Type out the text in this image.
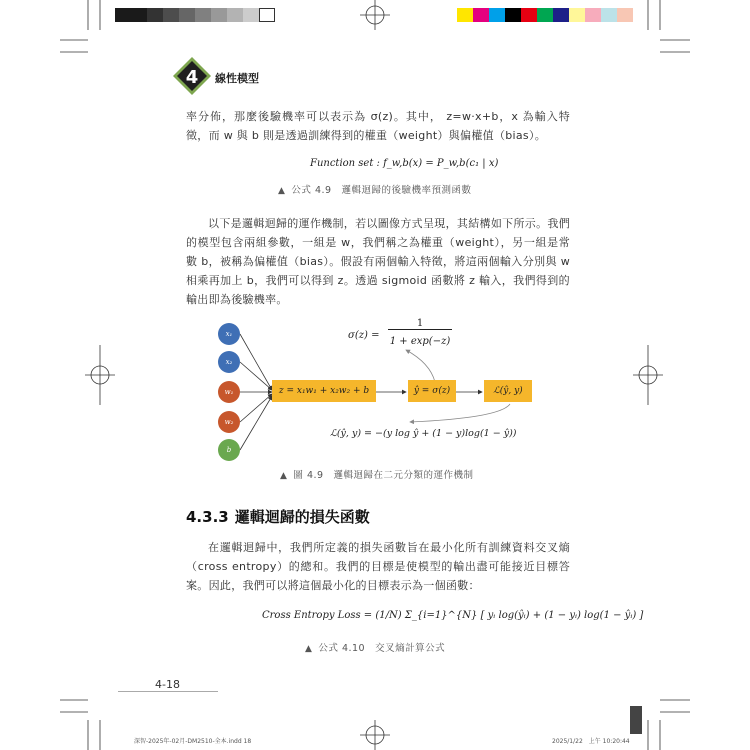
4 線性模型
率分佈，那麼後驗機率可以表示為 σ(z)。其中， z=w·x+b，x 為輸入特徵，而 w 與 b 則是透過訓練得到的權重（weight）與偏權值（bias）。
Function set : f_w,b(x) = P_w,b(c₁ | x)
▲ 公式 4.9　邏輯迴歸的後驗機率預測函數
以下是邏輯迴歸的運作機制，若以圖像方式呈現，其結構如下所示。我們的模型包含兩組參數，一組是 w，我們稱之為權重（weight），另一組是常數 b，被稱為偏權值（bias）。假設有兩個輸入特徵，將這兩個輸入分別與 w 相乘再加上 b，我們可以得到 z。透過 sigmoid 函數將 z 輸入，我們得到的輸出即為後驗機率。
x₁
x₂
w₁
w₂
b
z = x₁w₁ + x₂w₂ + b	ŷ = σ(z)	ℒ(ŷ, y)
σ(z) =
1
1 + exp(−z)
ℒ(ŷ, y) = −(y log ŷ + (1 − y)log(1 − ŷ))
▲ 圖 4.9　邏輯迴歸在二元分類的運作機制
4.3.3 邏輯迴歸的損失函數
在邏輯迴歸中，我們所定義的損失函數旨在最小化所有訓練資料交叉熵（cross entropy）的總和。我們的目標是使模型的輸出盡可能接近目標答案。因此，我們可以將這個最小化的目標表示為一個函數：
Cross Entropy Loss = (1/N) Σ_{i=1}^{N} [ yᵢ log(ŷᵢ) + (1 − yᵢ) log(1 − ŷᵢ) ]
▲ 公式 4.10　交叉熵計算公式
4-18
深智-2025年-02月-DM2510-全本.indd 18	2025/1/22　上午 10:20:44
